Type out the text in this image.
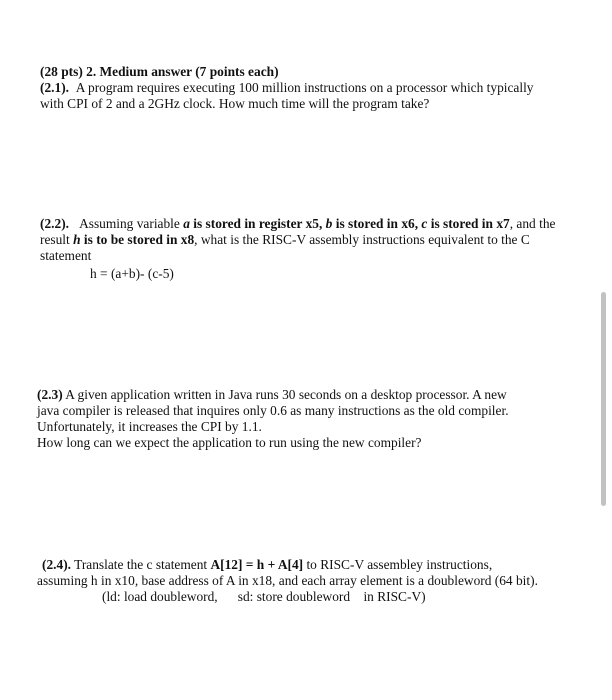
(28 pts) 2. Medium answer (7 points each)
(2.1). A program requires executing 100 million instructions on a processor which typically
with CPI of 2 and a 2GHz clock. How much time will the program take?
(2.2). Assuming variable a is stored in register x5, b is stored in x6, c is stored in x7, and the
result h is to be stored in x8, what is the RISC-V assembly instructions equivalent to the C
statement
h = (a+b)- (c-5)
(2.3) A given application written in Java runs 30 seconds on a desktop processor. A new
java compiler is released that inquires only 0.6 as many instructions as the old compiler.
Unfortunately, it increases the CPI by 1.1.
How long can we expect the application to run using the new compiler?
(2.4). Translate the c statement A[12] = h + A[4] to RISC-V assembley instructions,
assuming h in x10, base address of A in x18, and each array element is a doubleword (64 bit).
(ld: load doubleword,      sd: store doubleword    in RISC-V)
